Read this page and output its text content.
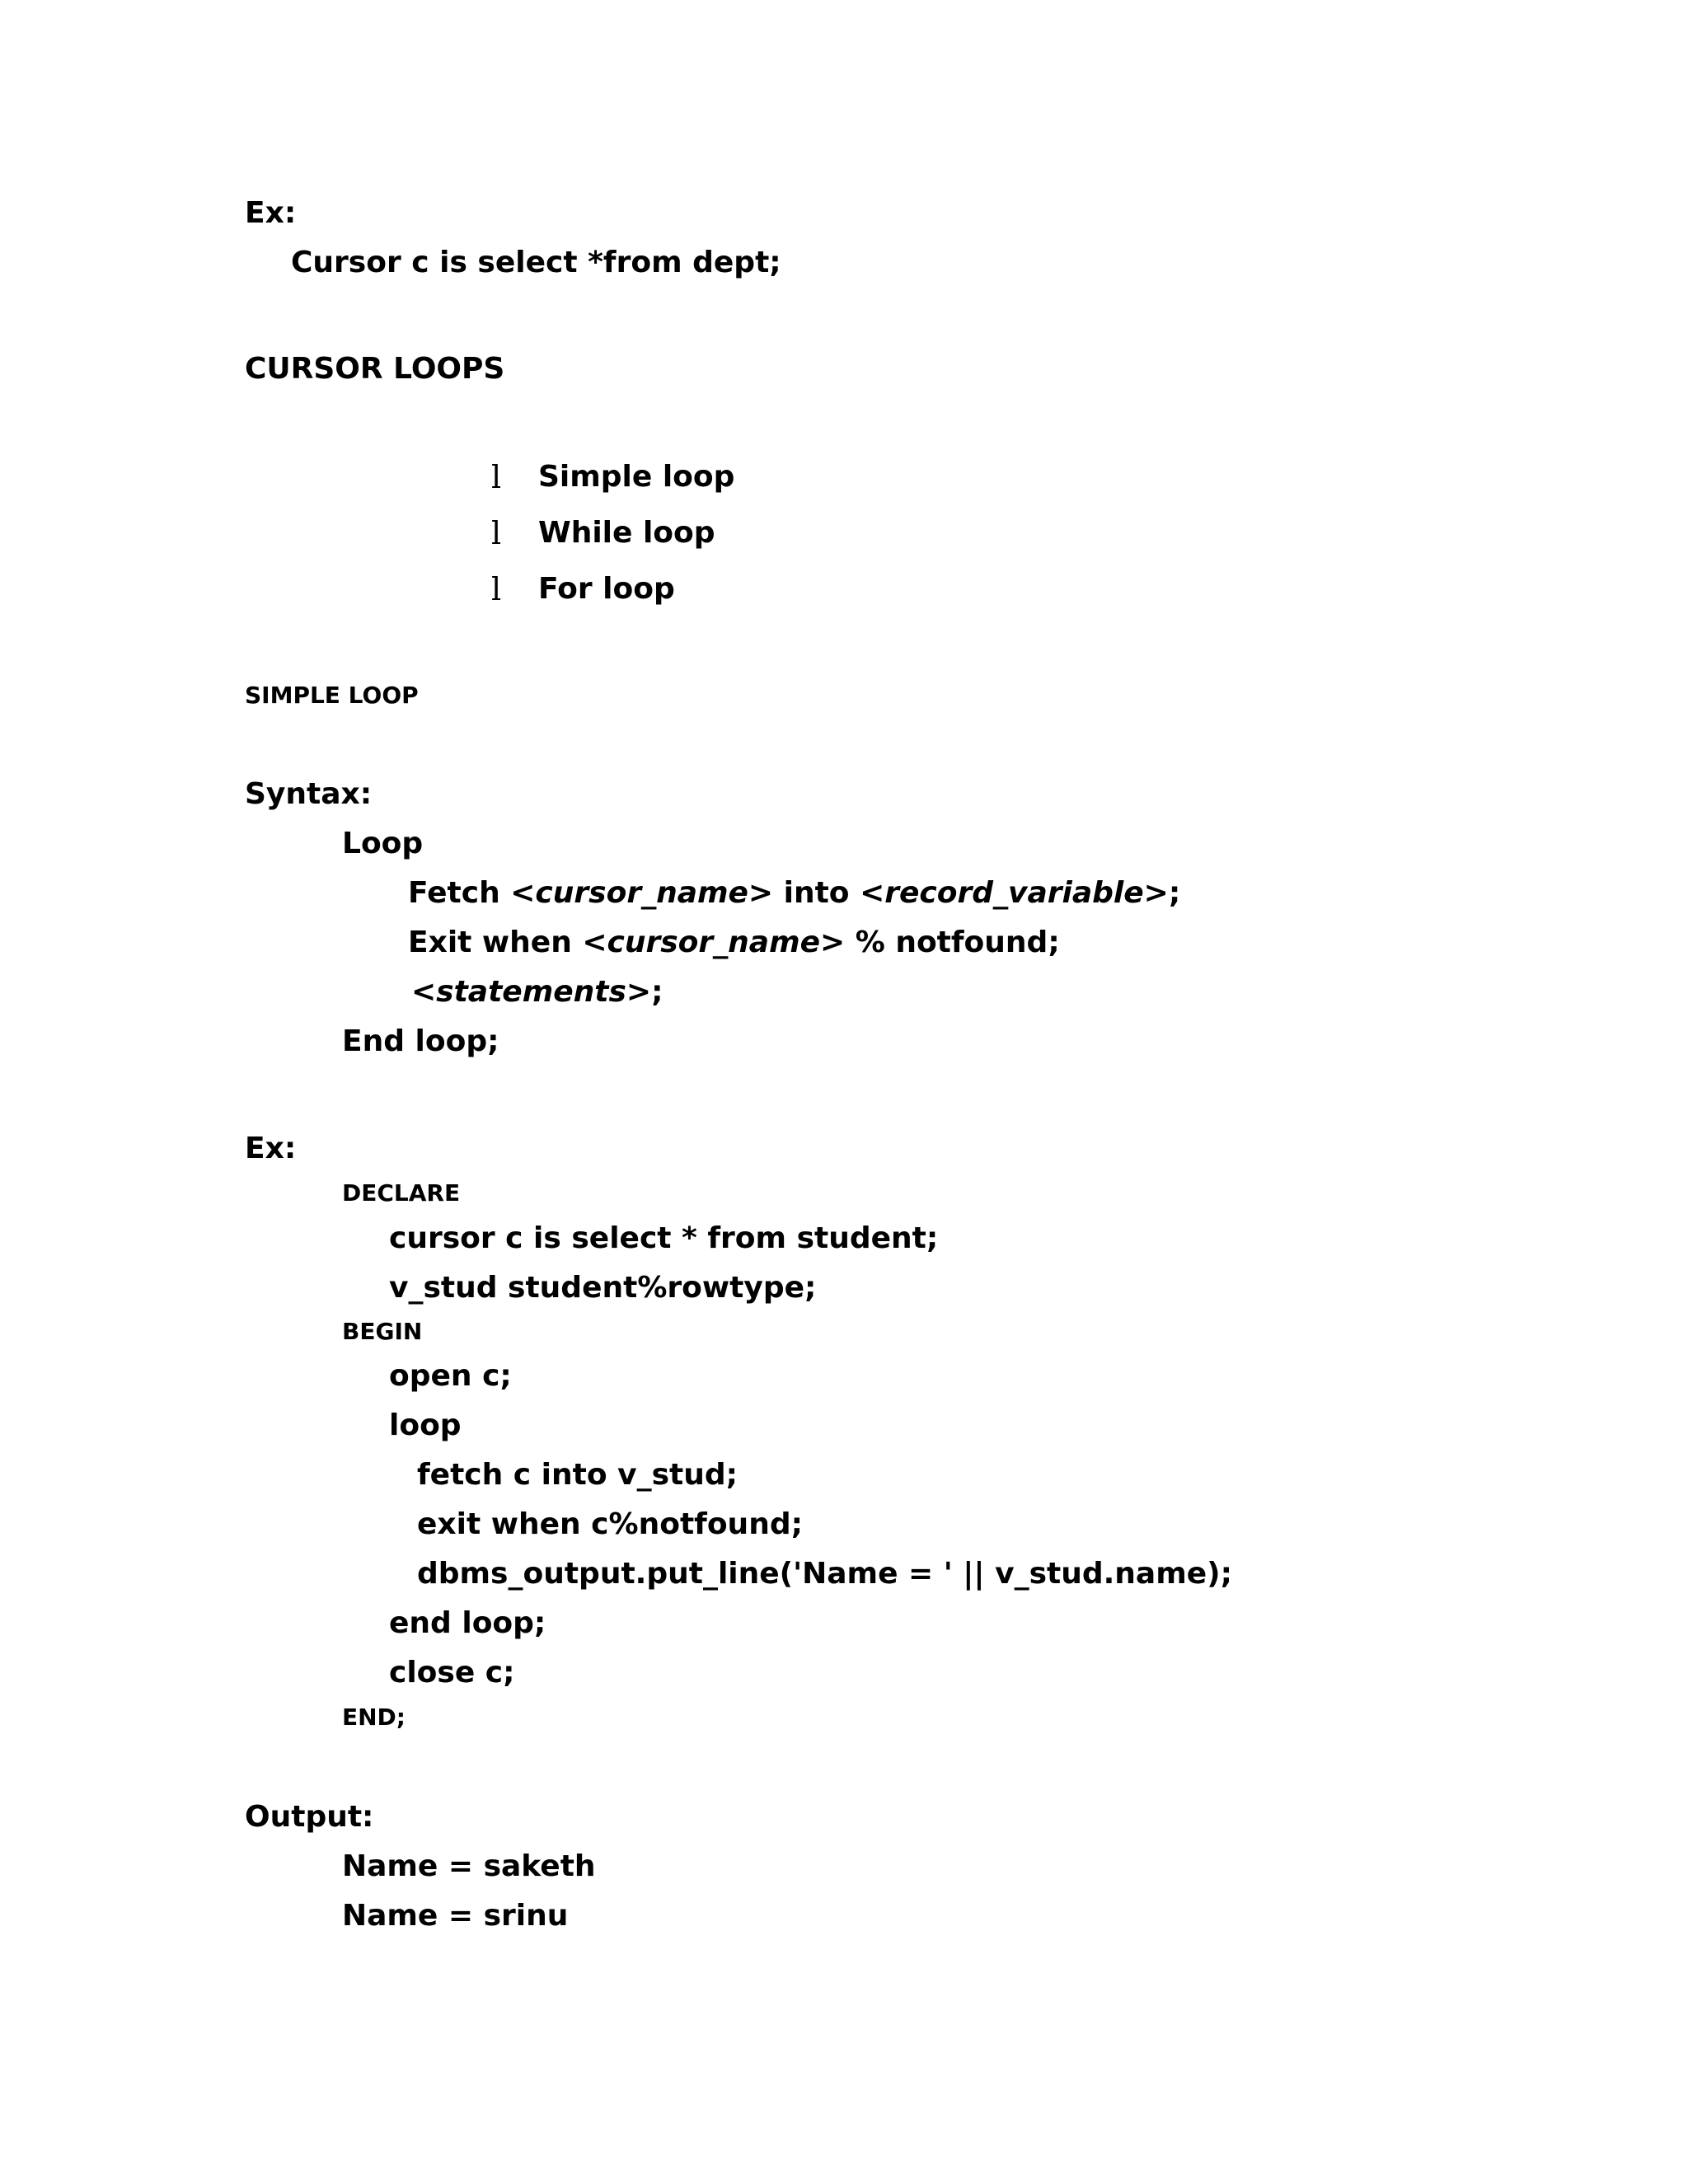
Ex:

Cursor c is select *from dept;

CURSOR LOOPS

l Simple loop

l While loop

l For loop

SIMPLE LOOP

Syntax:

Loop

Fetch <cursor_name> into <record_variable>;

Exit when <cursor_name> % notfound;

<statements>;

End loop;

Ex:

DECLARE

cursor c is select * from student;

v_stud student%rowtype;

BEGIN

open c;

loop

fetch c into v_stud;

exit when c%notfound;

dbms_output.put_line('Name = ' || v_stud.name);

end loop;

close c;

END;

Output:

Name = saketh

Name = srinu
